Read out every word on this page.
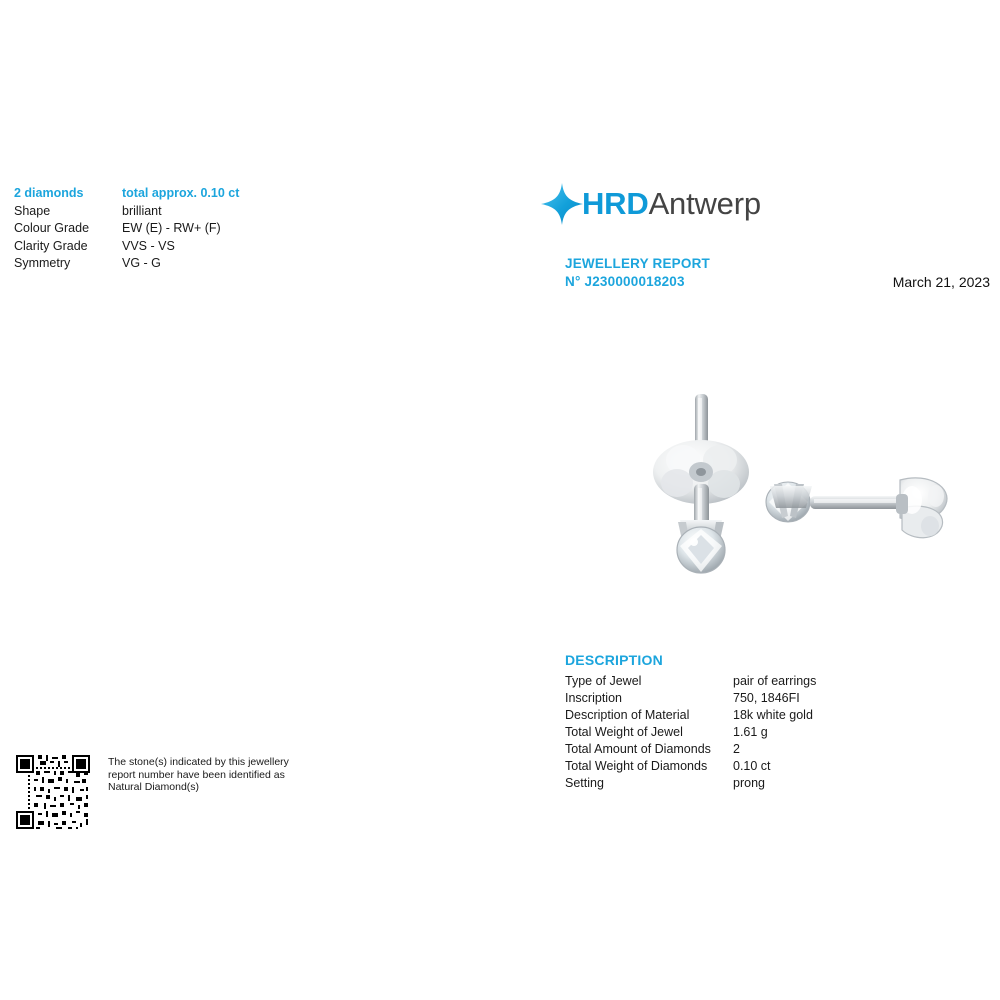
2 diamonds	total approx. 0.10 ct
Shape	brilliant
Colour Grade	EW (E) - RW+ (F)
Clarity Grade	VVS - VS
Symmetry	VG - G
HRDAntwerp
JEWELLERY REPORT
N° J230000018203	March 21, 2023
DESCRIPTION
Type of Jewel	pair of earrings
Inscription	750, 1846FI
Description of Material	18k white gold
Total Weight of Jewel	1.61 g
Total Amount of Diamonds	2
Total Weight of Diamonds	0.10 ct
Setting	prong
The stone(s) indicated by this jewellery
report number have been identified as
Natural Diamond(s)
